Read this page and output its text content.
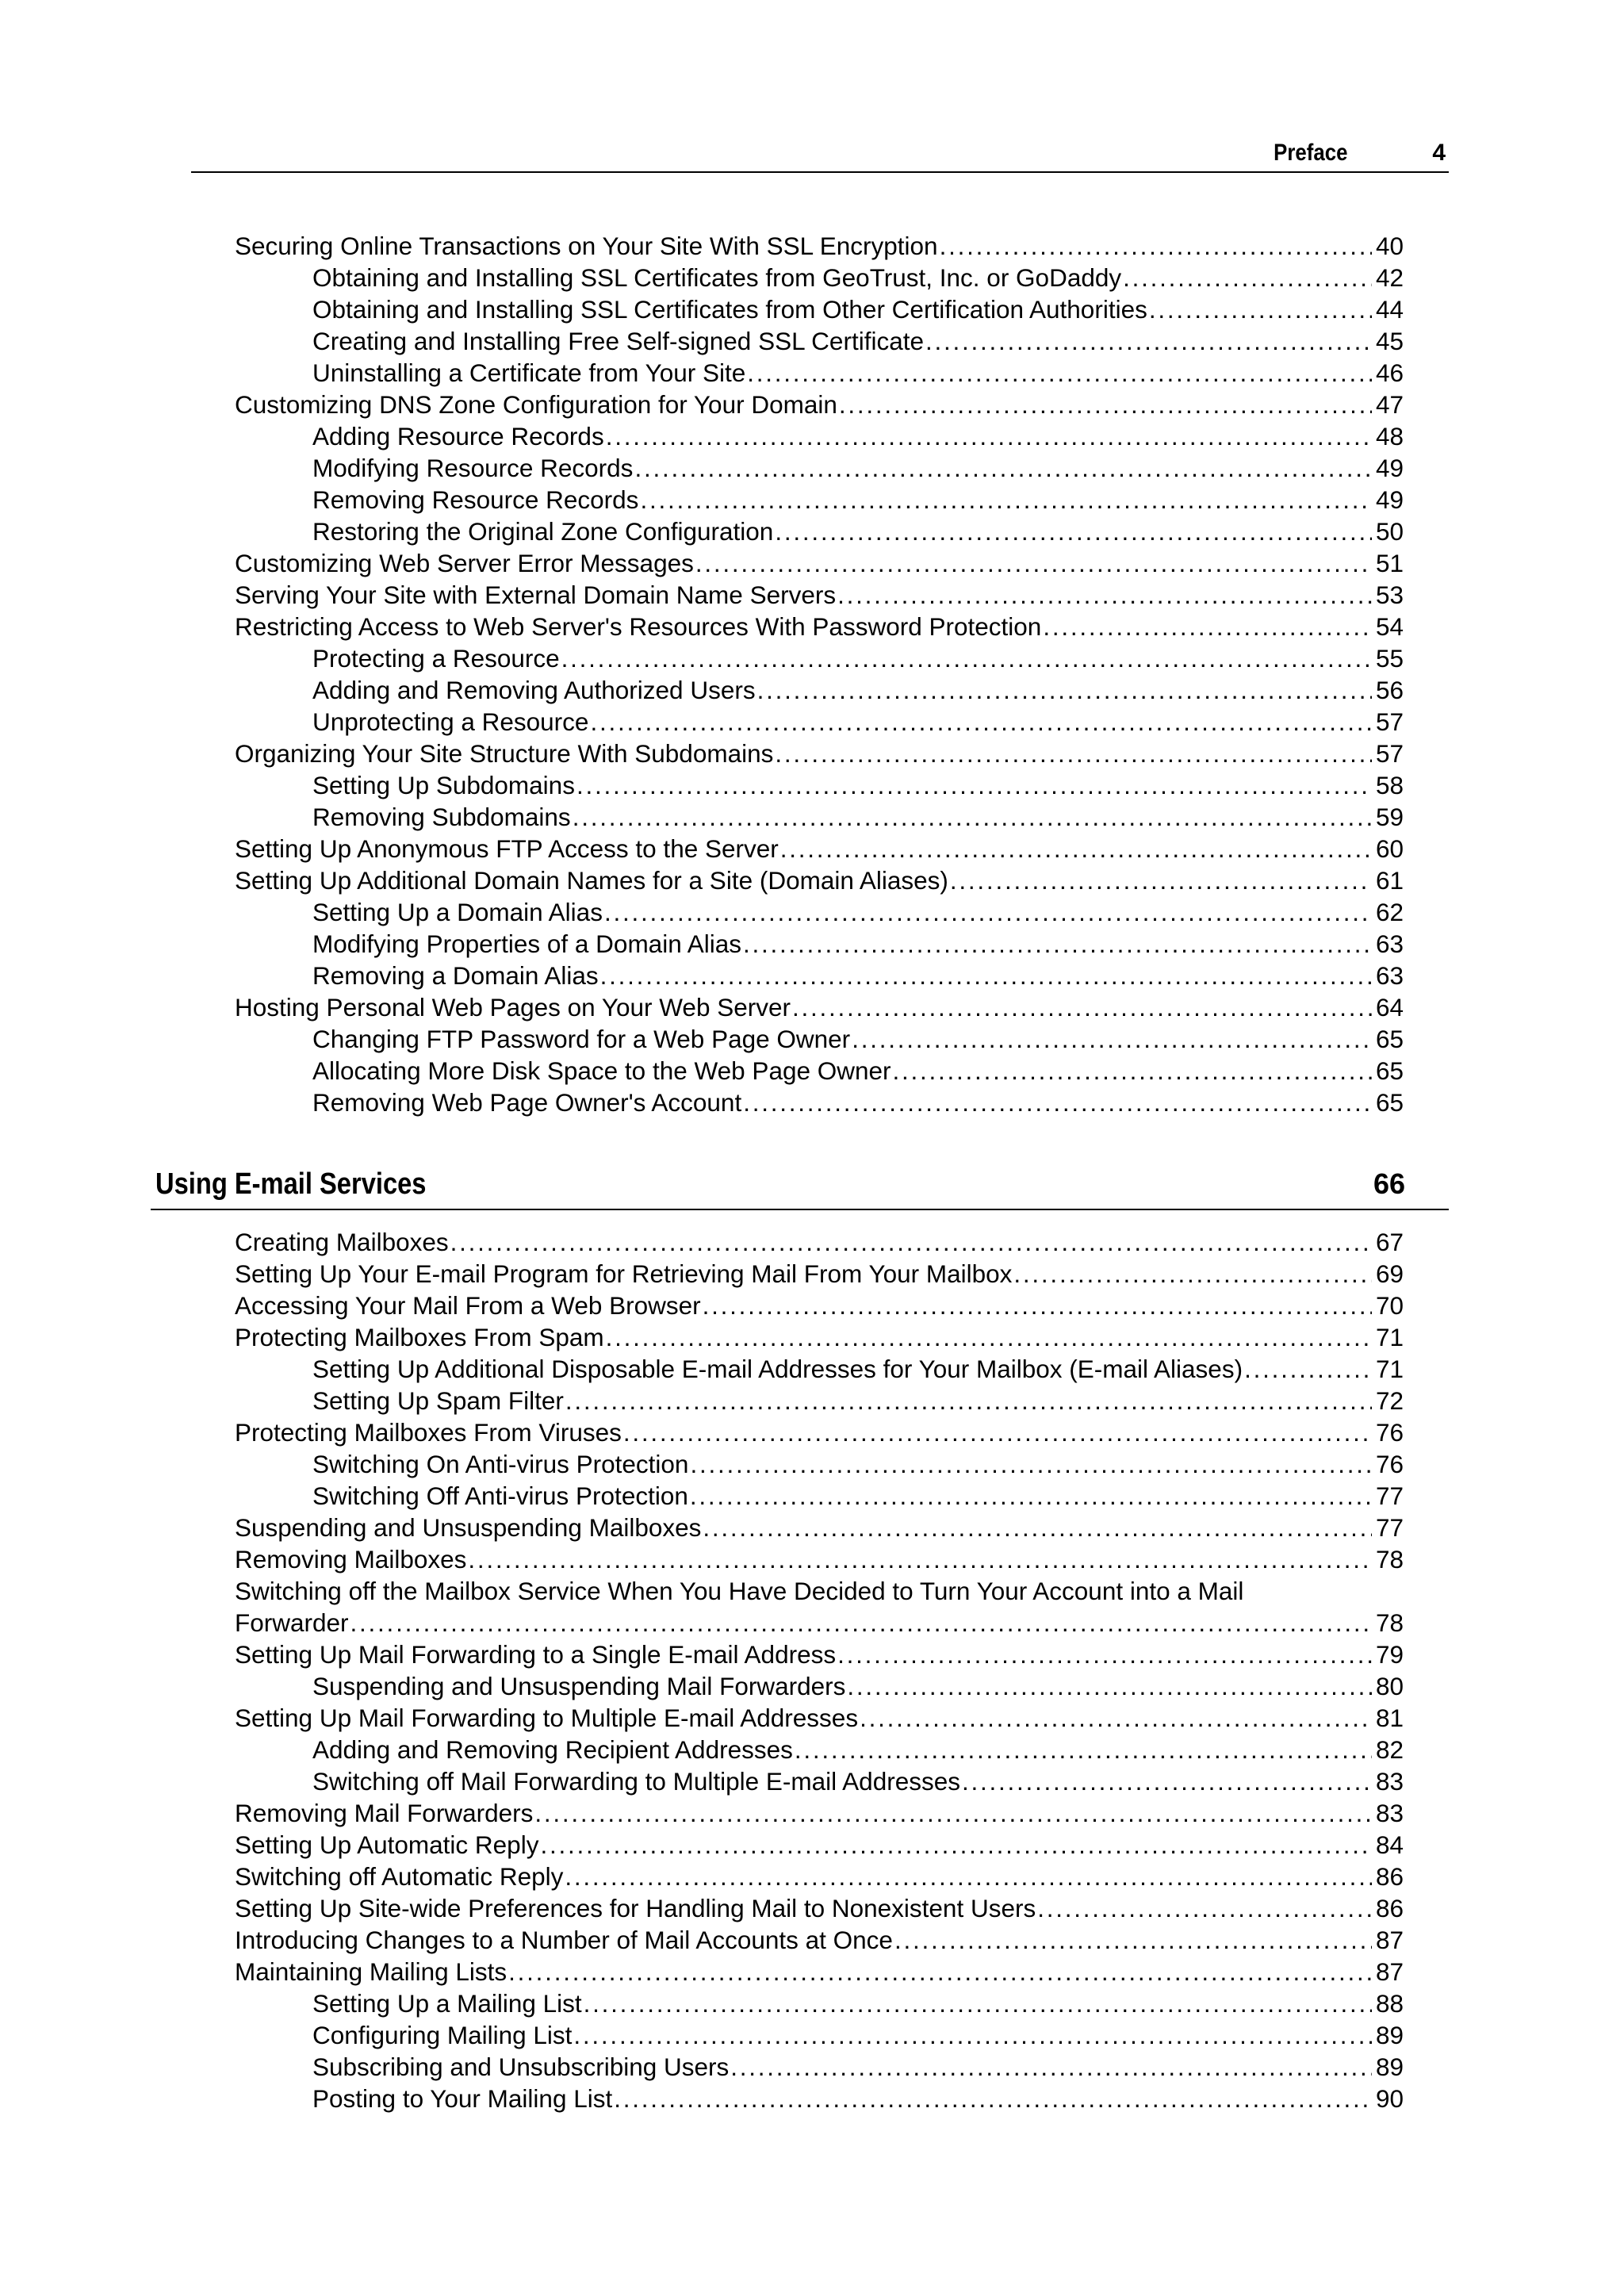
Preface	4
Securing Online Transactions on Your Site With SSL Encryption . . .	40
Obtaining and Installing SSL Certificates from GeoTrust, Inc. or GoDaddy . . .	42
Obtaining and Installing SSL Certificates from Other Certification Authorities . . .	44
Creating and Installing Free Self-signed SSL Certificate . . .	45
Uninstalling a Certificate from Your Site . . .	46
Customizing DNS Zone Configuration for Your Domain . . .	47
Adding Resource Records . . .	48
Modifying Resource Records . . .	49
Removing Resource Records . . .	49
Restoring the Original Zone Configuration . . .	50
Customizing Web Server Error Messages . . .	51
Serving Your Site with External Domain Name Servers . . .	53
Restricting Access to Web Server's Resources With Password Protection . . .	54
Protecting a Resource . . .	55
Adding and Removing Authorized Users . . .	56
Unprotecting a Resource . . .	57
Organizing Your Site Structure With Subdomains . . .	57
Setting Up Subdomains . . .	58
Removing Subdomains . . .	59
Setting Up Anonymous FTP Access to the Server . . .	60
Setting Up Additional Domain Names for a Site (Domain Aliases) . . .	61
Setting Up a Domain Alias . . .	62
Modifying Properties of a Domain Alias . . .	63
Removing a Domain Alias . . .	63
Hosting Personal Web Pages on Your Web Server . . .	64
Changing FTP Password for a Web Page Owner . . .	65
Allocating More Disk Space to the Web Page Owner . . .	65
Removing Web Page Owner's Account . . .	65
Using E-mail Services	66
Creating Mailboxes . . .	67
Setting Up Your E-mail Program for Retrieving Mail From Your Mailbox . . .	69
Accessing Your Mail From a Web Browser . . .	70
Protecting Mailboxes From Spam . . .	71
Setting Up Additional Disposable E-mail Addresses for Your Mailbox (E-mail Aliases) . . .	71
Setting Up Spam Filter . . .	72
Protecting Mailboxes From Viruses . . .	76
Switching On Anti-virus Protection . . .	76
Switching Off Anti-virus Protection . . .	77
Suspending and Unsuspending Mailboxes . . .	77
Removing Mailboxes . . .	78
Switching off the Mailbox Service When You Have Decided to Turn Your Account into a Mail
Forwarder . . .	78
Setting Up Mail Forwarding to a Single E-mail Address . . .	79
Suspending and Unsuspending Mail Forwarders . . .	80
Setting Up Mail Forwarding to Multiple E-mail Addresses . . .	81
Adding and Removing Recipient Addresses . . .	82
Switching off Mail Forwarding to Multiple E-mail Addresses . . .	83
Removing Mail Forwarders . . .	83
Setting Up Automatic Reply . . .	84
Switching off Automatic Reply . . .	86
Setting Up Site-wide Preferences for Handling Mail to Nonexistent Users . . .	86
Introducing Changes to a Number of Mail Accounts at Once . . .	87
Maintaining Mailing Lists . . .	87
Setting Up a Mailing List . . .	88
Configuring Mailing List . . .	89
Subscribing and Unsubscribing Users . . .	89
Posting to Your Mailing List . . .	90
